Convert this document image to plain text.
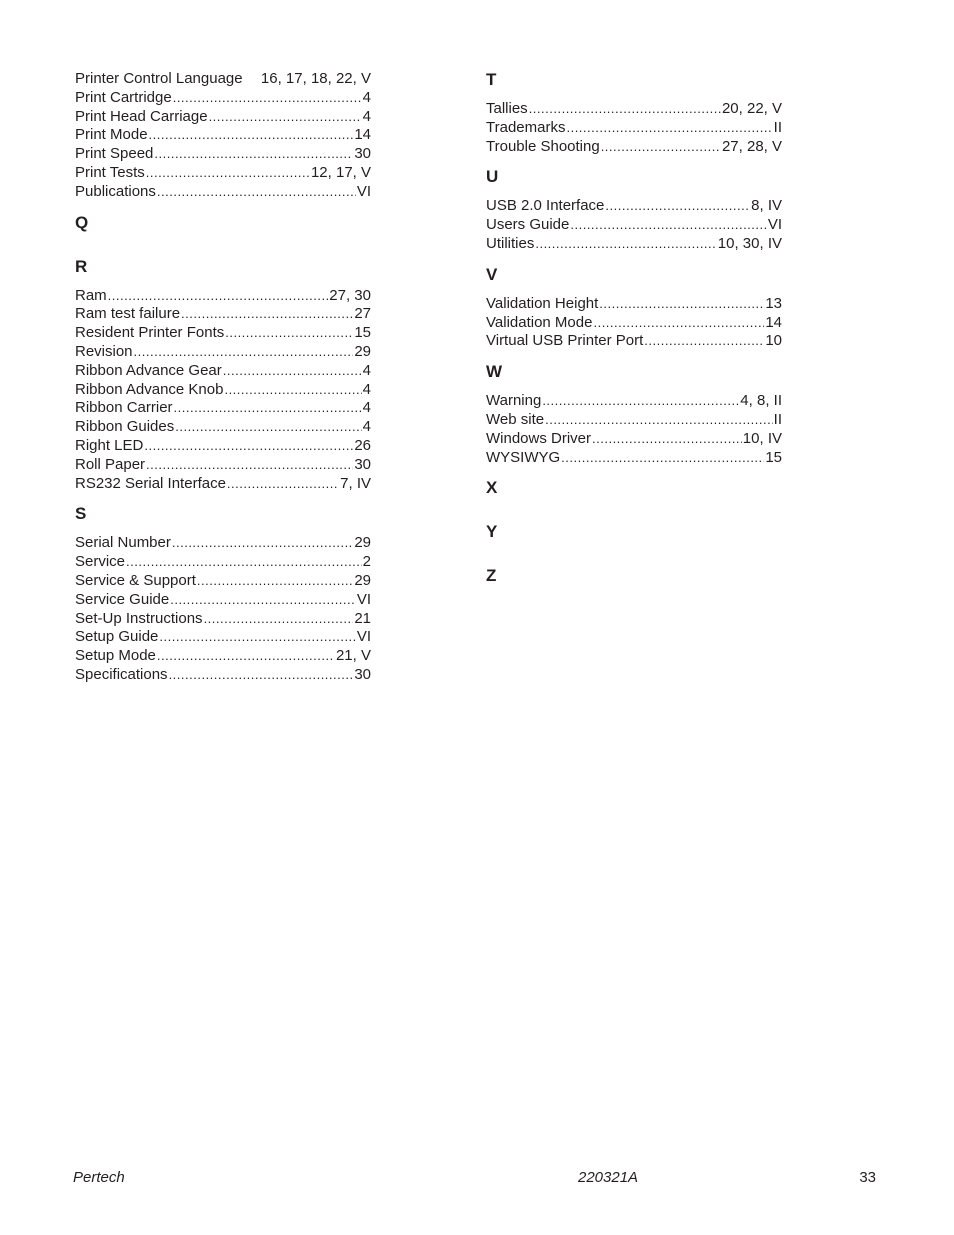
Printer Control Language 16, 17, 18, 22, V
Print Cartridge .....	4
Print Head Carriage .....	4
Print Mode .....	14
Print Speed .....	30
Print Tests .....	12, 17, V
Publications .....	VI
Q
R
Ram .....	27, 30
Ram test failure .....	27
Resident Printer Fonts .....	15
Revision .....	29
Ribbon Advance Gear .....	4
Ribbon Advance Knob .....	4
Ribbon Carrier .....	4
Ribbon Guides .....	4
Right LED .....	26
Roll Paper .....	30
RS232 Serial Interface .....	7, IV
S
Serial Number .....	29
Service .....	2
Service & Support .....	29
Service Guide .....	VI
Set-Up Instructions .....	21
Setup Guide .....	VI
Setup Mode .....	21, V
Specifications .....	30
T
Tallies .....	20, 22, V
Trademarks .....	II
Trouble Shooting .....	27, 28, V
U
USB 2.0 Interface .....	8, IV
Users Guide .....	VI
Utilities .....	10, 30, IV
V
Validation Height .....	13
Validation Mode .....	14
Virtual USB Printer Port .....	10
W
Warning .....	4, 8, II
Web site .....	II
Windows Driver .....	10, IV
WYSIWYG .....	15
X
Y
Z
Pertech	220321A	33
